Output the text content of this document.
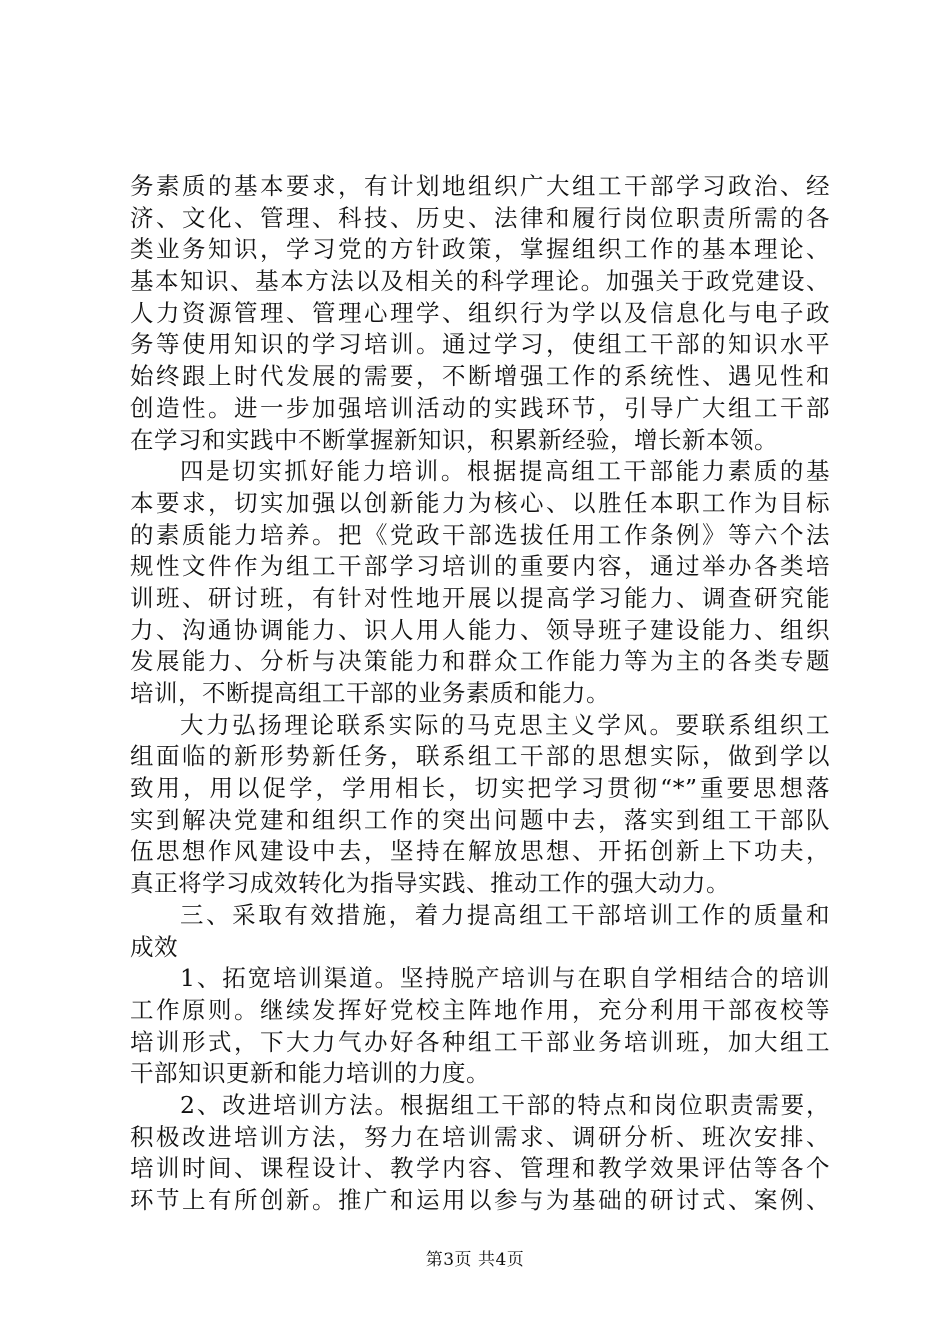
务素质的基本要求，有计划地组织广大组工干部学习政治、经
济、文化、管理、科技、历史、法律和履行岗位职责所需的各
类业务知识，学习党的方针政策，掌握组织工作的基本理论、
基本知识、基本方法以及相关的科学理论。加强关于政党建设、
人力资源管理、管理心理学、组织行为学以及信息化与电子政
务等使用知识的学习培训。通过学习，使组工干部的知识水平
始终跟上时代发展的需要，不断增强工作的系统性、遇见性和
创造性。进一步加强培训活动的实践环节，引导广大组工干部
在学习和实践中不断掌握新知识，积累新经验，增长新本领。
四是切实抓好能力培训。根据提高组工干部能力素质的基
本要求，切实加强以创新能力为核心、以胜任本职工作为目标
的素质能力培养。把《党政干部选拔任用工作条例》等六个法
规性文件作为组工干部学习培训的重要内容，通过举办各类培
训班、研讨班，有针对性地开展以提高学习能力、调查研究能
力、沟通协调能力、识人用人能力、领导班子建设能力、组织
发展能力、分析与决策能力和群众工作能力等为主的各类专题
培训，不断提高组工干部的业务素质和能力。
大力弘扬理论联系实际的马克思主义学风。要联系组织工
组面临的新形势新任务，联系组工干部的思想实际，做到学以
致用，用以促学，学用相长，切实把学习贯彻“*”重要思想落
实到解决党建和组织工作的突出问题中去，落实到组工干部队
伍思想作风建设中去，坚持在解放思想、开拓创新上下功夫，
真正将学习成效转化为指导实践、推动工作的强大动力。
三、采取有效措施，着力提高组工干部培训工作的质量和
成效
1、拓宽培训渠道。坚持脱产培训与在职自学相结合的培训
工作原则。继续发挥好党校主阵地作用，充分利用干部夜校等
培训形式，下大力气办好各种组工干部业务培训班，加大组工
干部知识更新和能力培训的力度。
2、改进培训方法。根据组工干部的特点和岗位职责需要，
积极改进培训方法，努力在培训需求、调研分析、班次安排、
培训时间、课程设计、教学内容、管理和教学效果评估等各个
环节上有所创新。推广和运用以参与为基础的研讨式、案例、
第3页 共4页
